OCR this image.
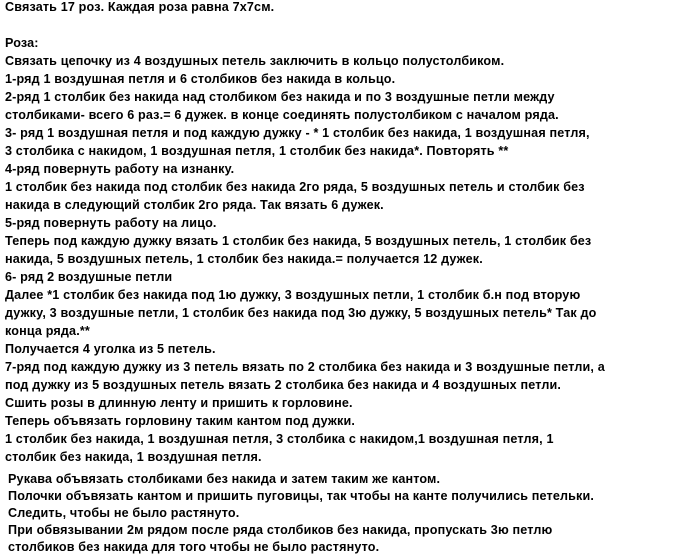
Связать 17 роз. Каждая роза равна 7х7см.
Роза:
Связать цепочку из 4 воздушных петель заключить в кольцо полустолбиком.
1-ряд 1 воздушная петля и 6 столбиков без накида в кольцо.
2-ряд 1 столбик без накида над столбиком без накида и по 3 воздушные петли между
столбиками- всего 6 раз.= 6 дужек. в конце соединять полустолбиком с началом ряда.
3- ряд 1 воздушная петля и под каждую дужку - * 1 столбик без накида, 1 воздушная петля,
3 столбика с накидом, 1 воздушная петля, 1 столбик без накида*. Повторять **
4-ряд повернуть работу на изнанку.
1 столбик без накида под столбик без накида 2го ряда, 5 воздушных петель и столбик без
накида в следующий столбик 2го ряда. Так вязать 6 дужек.
5-ряд повернуть работу на лицо.
Теперь под каждую дужку вязать 1 столбик без накида, 5 воздушных петель, 1 столбик без
накида, 5 воздушных петель, 1 столбик без накида.= получается 12 дужек.
6- ряд 2 воздушные петли
Далее *1 столбик без накида под 1ю дужку, 3 воздушных петли, 1 столбик б.н под вторую
дужку, 3 воздушные петли, 1 столбик без накида под 3ю дужку, 5 воздушных петель* Так до
конца ряда.**
Получается 4 уголка из 5 петель.
7-ряд под каждую дужку из 3 петель вязать по 2 столбика без накида и 3 воздушные петли, а
под дужку из 5 воздушных петель вязать 2 столбика без накида и 4 воздушных петли.
Сшить розы в длинную ленту и пришить к горловине.
Теперь объвязать горловину таким кантом под дужки.
1 столбик без накида, 1 воздушная петля, 3 столбика с накидом,1 воздушная петля, 1
столбик без накида, 1 воздушная петля.
Рукава объвязать столбиками без накида и затем таким же кантом.
Полочки объвязать кантом и пришить пуговицы, так чтобы на канте получились петельки.
Следить, чтобы не было растянуто.
При обвязывании 2м рядом после ряда столбиков без накида, пропускать 3ю петлю
столбиков без накида для того чтобы не было растянуто.
